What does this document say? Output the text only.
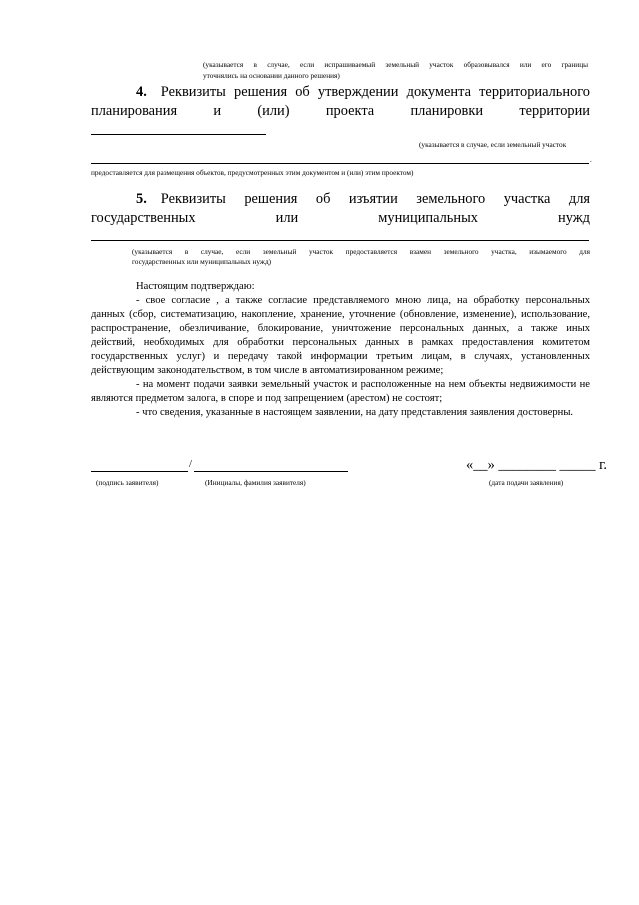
(указывается в случае, если испрашиваемый земельный участок образовывался или его границы
уточнялись на основании данного решения)
4. Реквизиты решения об утверждении документа территориального
планирования и (или) проекта планировки территории
(указывается в случае, если земельный участок
.
предоставляется для размещения объектов, предусмотренных этим документом и (или) этим проектом)
5. Реквизиты решения об изъятии земельного участка для
государственных или муниципальных нужд
(указывается в случае, если земельный участок предоставляется взамен земельного участка, изымаемого для
государственных или муниципальных нужд)
Настоящим подтверждаю:
- свое согласие , а также согласие представляемого мною лица, на обработку персональных
данных (сбор, систематизацию, накопление, хранение, уточнение (обновление, изменение), использование,
распространение, обезличивание, блокирование, уничтожение персональных данных, а также иных
действий, необходимых для обработки персональных данных в рамках предоставления комитетом
государственных услуг) и передачу такой информации третьим лицам, в случаях, установленных
действующим законодательством, в том числе в автоматизированном режиме;
- на момент подачи заявки земельный участок и расположенные на нем объекты недвижимости не
являются предметом залога, в споре и под запрещением (арестом) не состоят;
- что сведения, указанные в настоящем заявлении, на дату представления заявления достоверны.
/	«__» ________ _____ г.
(подпись заявителя)	(Инициалы, фамилия заявителя)	(дата подачи заявления)
